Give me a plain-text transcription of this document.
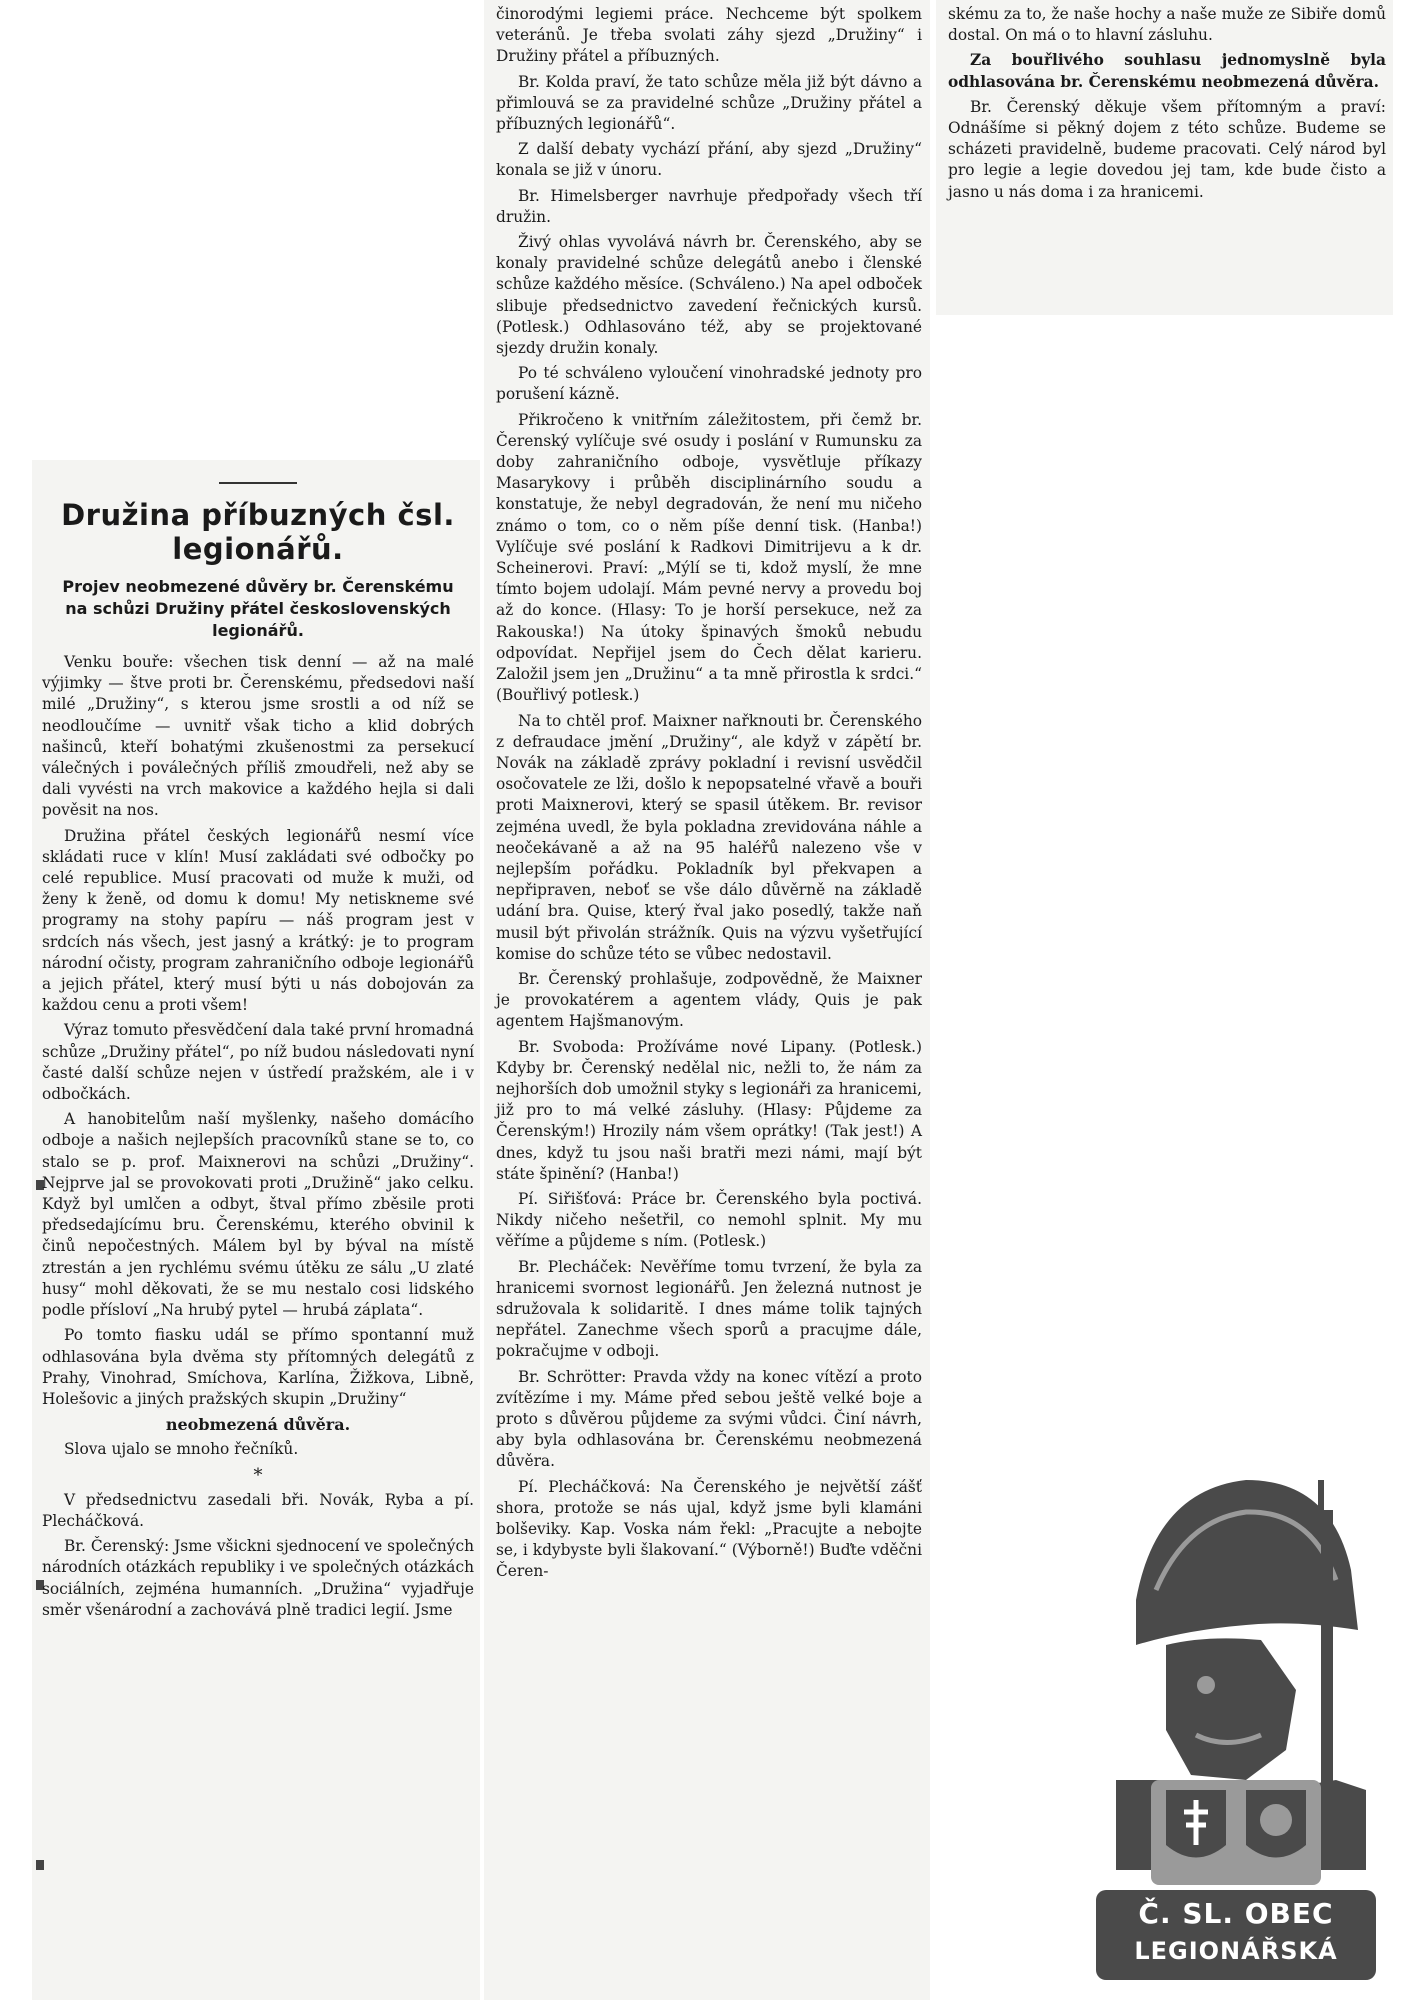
Družina příbuzných čsl. legionářů.
Projev neobmezené důvěry br. Čerenskému na schůzi Družiny přátel československých legionářů.

Venku bouře: všechen tisk denní — až na malé výjimky — štve proti br. Čerenskému, předsedovi naší milé „Družiny“, s kterou jsme srostli a od níž se neodloučíme — uvnitř však ticho a klid dobrých našinců, kteří bohatými zkušenostmi za persekucí válečných i poválečných příliš zmoudřeli, než aby se dali vyvésti na vrch makovice a každého hejla si dali pověsit na nos.

Družina přátel českých legionářů nesmí více skládati ruce v klín! Musí zakládati své odbočky po celé republice. Musí pracovati od muže k muži, od ženy k ženě, od domu k domu! My netiskneme své programy na stohy papíru — náš program jest v srdcích nás všech, jest jasný a krátký: je to program národní očisty, program zahraničního odboje legionářů a jejich přátel, který musí býti u nás dobojován za každou cenu a proti všem!

Výraz tomuto přesvědčení dala také první hromadná schůze „Družiny přátel“, po níž budou následovati nyní časté další schůze nejen v ústředí pražském, ale i v odbočkách.

A hanobitelům naší myšlenky, našeho domácího odboje a našich nejlepších pracovníků stane se to, co stalo se p. prof. Maixnerovi na schůzi „Družiny“. Nejprve jal se provokovati proti „Družině“ jako celku. Když byl umlčen a odbyt, štval přímo zběsile proti předsedajícímu bru. Čerenskému, kterého obvinil k činů nepočestných. Málem byl by býval na místě ztrestán a jen rychlému svému útěku ze sálu „U zlaté husy“ mohl děkovati, že se mu nestalo cosi lidského podle přísloví „Na hrubý pytel — hrubá záplata“.

Po tomto fiasku udál se přímo spontanní muž odhlasována byla dvěma sty přítomných delegátů z Prahy, Vinohrad, Smíchova, Karlína, Žižkova, Libně, Holešovic a jiných pražských skupin „Družiny“

neobmezená důvěra.

Slova ujalo se mnoho řečníků.

*

V předsednictvu zasedali bři. Novák, Ryba a pí. Plecháčková.

Br. Čerenský: Jsme všickni sjednocení ve společných národních otázkách republiky i ve společných otázkách sociálních, zejména humanních. „Družina“ vyjadřuje směr všenárodní a zachovává plně tradici legií. Jsme

činorodými legiemi práce. Nechceme být spolkem veteránů. Je třeba svolati záhy sjezd „Družiny“ i Družiny přátel a příbuzných.

Br. Kolda praví, že tato schůze měla již být dávno a přimlouvá se za pravidelné schůze „Družiny přátel a příbuzných legionářů“.

Z další debaty vychází přání, aby sjezd „Družiny“ konala se již v únoru.

Br. Himelsberger navrhuje předpořady všech tří družin.

Živý ohlas vyvolává návrh br. Čerenského, aby se konaly pravidelné schůze delegátů anebo i členské schůze každého měsíce. (Schváleno.) Na apel odboček slibuje předsednictvo zavedení řečnických kursů. (Potlesk.) Odhlasováno též, aby se projektované sjezdy družin konaly.

Po té schváleno vyloučení vinohradské jednoty pro porušení kázně.

Přikročeno k vnitřním záležitostem, při čemž br. Čerenský vylíčuje své osudy i poslání v Rumunsku za doby zahraničního odboje, vysvětluje příkazy Masarykovy i průběh disciplinárního soudu a konstatuje, že nebyl degradován, že není mu ničeho známo o tom, co o něm píše denní tisk. (Hanba!) Vylíčuje své poslání k Radkovi Dimitrijevu a k dr. Scheinerovi. Praví: „Mýlí se ti, kdož myslí, že mne tímto bojem udolají. Mám pevné nervy a provedu boj až do konce. (Hlasy: To je horší persekuce, než za Rakouska!) Na útoky špinavých šmoků nebudu odpovídat. Nepřijel jsem do Čech dělat karieru. Založil jsem jen „Družinu“ a ta mně přirostla k srdci.“ (Bouřlivý potlesk.)

Na to chtěl prof. Maixner nařknouti br. Čerenského z defraudace jmění „Družiny“, ale když v zápětí br. Novák na základě zprávy pokladní i revisní usvědčil osočovatele ze lži, došlo k nepopsatelné vřavě a bouři proti Maixnerovi, který se spasil útěkem. Br. revisor zejména uvedl, že byla pokladna zrevidována náhle a neočekávaně a až na 95 haléřů nalezeno vše v nejlepším pořádku. Pokladník byl překvapen a nepřipraven, neboť se vše dálo důvěrně na základě udání bra. Quise, který řval jako posedlý, takže naň musil být přivolán strážník. Quis na výzvu vyšetřující komise do schůze této se vůbec nedostavil.

Br. Čerenský prohlašuje, zodpovědně, že Maixner je provokatérem a agentem vlády, Quis je pak agentem Hajšmanovým.

Br. Svoboda: Prožíváme nové Lipany. (Potlesk.) Kdyby br. Čerenský nedělal nic, nežli to, že nám za nejhorších dob umožnil styky s legionáři za hranicemi, již pro to má velké zásluhy. (Hlasy: Půjdeme za Čerenským!) Hrozily nám všem oprátky! (Tak jest!) A dnes, když tu jsou naši bratři mezi námi, mají být státe špinění? (Hanba!)

Pí. Siřišťová: Práce br. Čerenského byla poctivá. Nikdy ničeho nešetřil, co nemohl splnit. My mu věříme a půjdeme s ním. (Potlesk.)

Br. Plecháček: Nevěříme tomu tvrzení, že byla za hranicemi svornost legionářů. Jen železná nutnost je sdružovala k solidaritě. I dnes máme tolik tajných nepřátel. Zanechme všech sporů a pracujme dále, pokračujme v odboji.

Br. Schrötter: Pravda vždy na konec vítězí a proto zvítězíme i my. Máme před sebou ještě velké boje a proto s důvěrou půjdeme za svými vůdci. Činí návrh, aby byla odhlasována br. Čerenskému neobmezená důvěra.

Pí. Plecháčková: Na Čerenského je největší zášť shora, protože se nás ujal, když jsme byli klamáni bolševiky. Kap. Voska nám řekl: „Pracujte a nebojte se, i kdybyste byli šlakovaní.“ (Výborně!) Buďte vděčni Čeren-

skému za to, že naše hochy a naše muže ze Sibiře domů dostal. On má o to hlavní zásluhu.

Za bouřlivého souhlasu jednomyslně byla odhlasována br. Čerenskému neobmezená důvěra.

Br. Čerenský děkuje všem přítomným a praví: Odnášíme si pěkný dojem z této schůze. Budeme se scházeti pravidelně, budeme pracovati. Celý národ byl pro legie a legie dovedou jej tam, kde bude čisto a jasno u nás doma i za hranicemi.

Č. SL. OBEC
LEGIONÁŘSKÁ
